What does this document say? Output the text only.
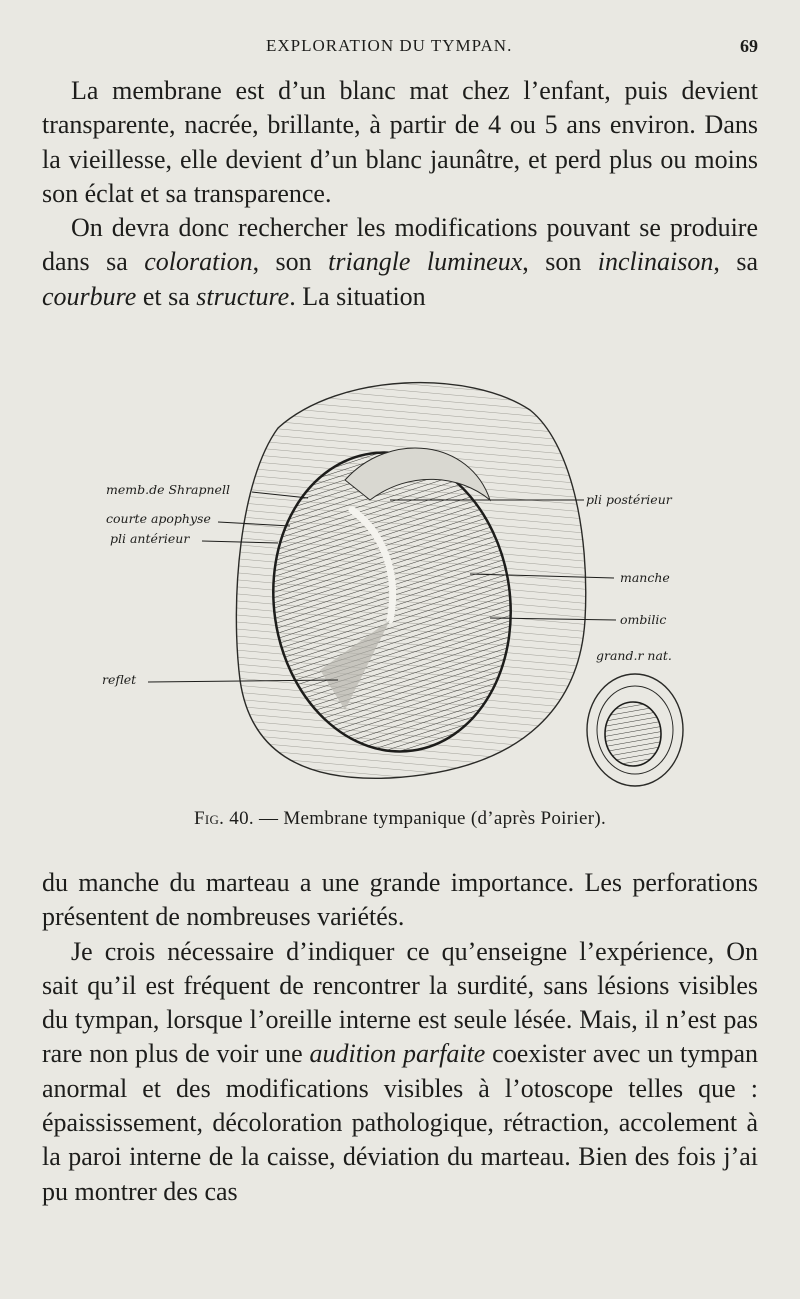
EXPLORATION DU TYMPAN.	69

La membrane est d’un blanc mat chez l’enfant, puis devient transparente, nacrée, brillante, à partir de 4 ou 5 ans environ. Dans la vieillesse, elle devient d’un blanc jaunâtre, et perd plus ou moins son éclat et sa transparence.

On devra donc rechercher les modifications pouvant se produire dans sa coloration, son triangle lumineux, son inclinaison, sa courbure et sa structure. La situation

memb.de Shrapnell
courte apophyse
pli antérieur
reflet
pli postérieur
manche
ombilic
grand.r nat.
Fig. 40. — Membrane tympanique (d’après Poirier).

du manche du marteau a une grande importance. Les perforations présentent de nombreuses variétés.

Je crois nécessaire d’indiquer ce qu’enseigne l’expérience, On sait qu’il est fréquent de rencontrer la surdité, sans lésions visibles du tympan, lorsque l’oreille interne est seule lésée. Mais, il n’est pas rare non plus de voir une audition parfaite coexister avec un tympan anormal et des modifications visibles à l’otoscope telles que : épaississement, décoloration pathologique, rétraction, accolement à la paroi interne de la caisse, déviation du marteau. Bien des fois j’ai pu montrer des cas
